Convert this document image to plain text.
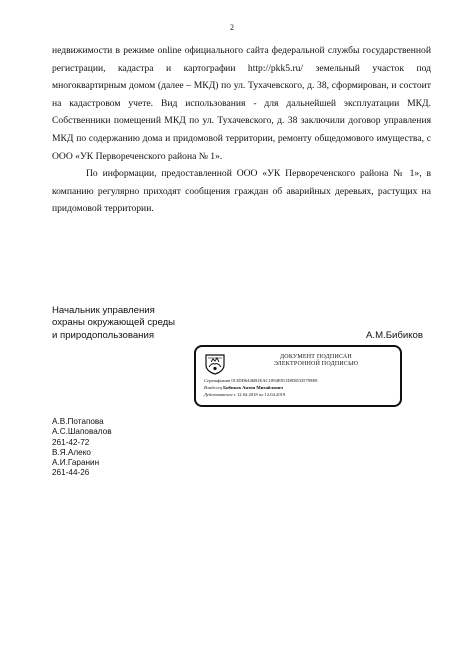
2

недвижимости в режиме online официального сайта федеральной службы государственной регистрации, кадастра и картографии http://pkk5.ru/ земельный участок под многоквартирным домом (далее – МКД) по ул. Тухачевского, д. 38, сформирован, и состоит на кадастровом учете. Вид использования - для дальнейшей эксплуатации МКД. Собственники помещений МКД по ул. Тухачевского, д. 38 заключили договор управления МКД по содержанию дома и придомовой территории, ремонту общедомового имущества, с ООО «УК Первореченского района № 1».

По информации, предоставленной ООО «УК Первореченского района № 1», в компанию регулярно приходят сообщения граждан об аварийных деревьях, растущих на придомовой территории.

Начальник управления
охраны окружающей среды
и природопользования	А.М.Бибиков
ДОКУМЕНТ ПОДПИСАН
ЭЛЕКТРОННОЙ ПОДПИСЬЮ
Сертификат 013DD6446B1EAC1894E811D83D335799E8
Владелец Бибиков Антон Михайлович
Действителен с 12.04.2018 по 12.04.2019
А.В.Потапова
А.С.Шаповалов
261-42-72
В.Я.Алеко
А.И.Гаранин
261-44-26
